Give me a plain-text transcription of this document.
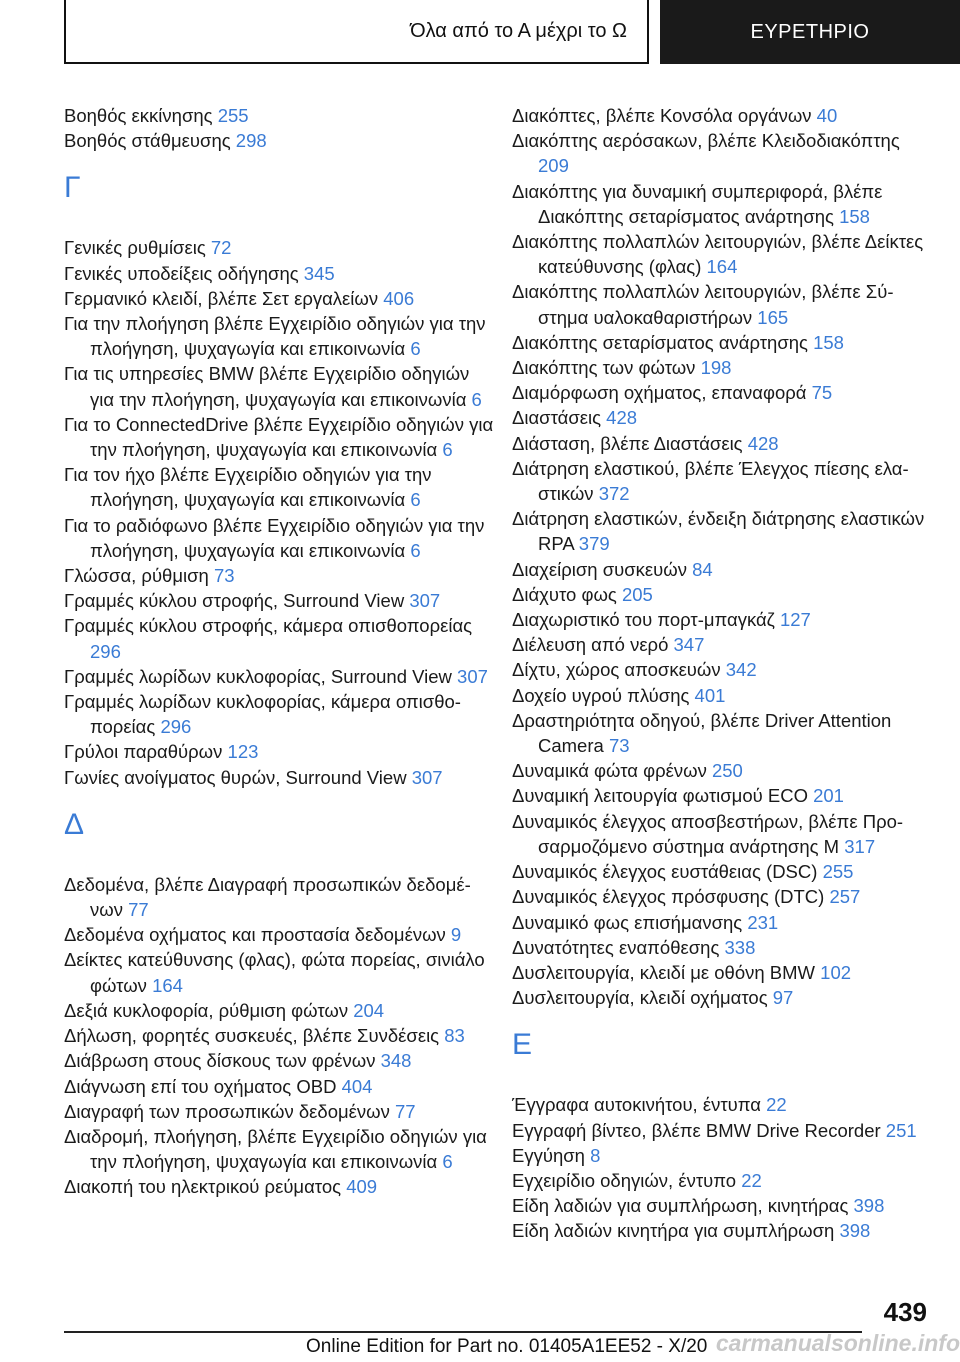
Όλα από το Α μέχρι το Ω	ΕΥΡΕΤΗΡΙΟ
Βοηθός εκκίνησης 255
Βοηθός στάθμευσης 298
Γ
Γενικές ρυθμίσεις 72
Γενικές υποδείξεις οδήγησης 345
Γερμανικό κλειδί, βλέπε Σετ εργαλείων 406
Για την πλοήγηση βλέπε Εγχειρίδιο οδηγιών για την πλοήγηση, ψυχαγωγία και επικοινωνία 6
Για τις υπηρεσίες BMW βλέπε Εγχειρίδιο οδηγιών για την πλοήγηση, ψυχαγωγία και επικοινωνία 6
Για το ConnectedDrive βλέπε Εγχειρίδιο οδηγιών για την πλοήγηση, ψυχαγωγία και επικοινωνία 6
Για τον ήχο βλέπε Εγχειρίδιο οδηγιών για την πλοήγηση, ψυχαγωγία και επικοινωνία 6
Για το ραδιόφωνο βλέπε Εγχειρίδιο οδηγιών για την πλοήγηση, ψυχαγωγία και επικοινωνία 6
Γλώσσα, ρύθμιση 73
Γραμμές κύκλου στροφής, Surround View 307
Γραμμές κύκλου στροφής, κάμερα οπισθοπορείας 296
Γραμμές λωρίδων κυκλοφορίας, Surround View 307
Γραμμές λωρίδων κυκλοφορίας, κάμερα οπισθοπορείας 296
Γρύλοι παραθύρων 123
Γωνίες ανοίγματος θυρών, Surround View 307
Δ
Δεδομένα, βλέπε Διαγραφή προσωπικών δεδομένων 77
Δεδομένα οχήματος και προστασία δεδομένων 9
Δείκτες κατεύθυνσης (φλας), φώτα πορείας, σινιάλο φώτων 164
Δεξιά κυκλοφορία, ρύθμιση φώτων 204
Δήλωση, φορητές συσκευές, βλέπε Συνδέσεις 83
Διάβρωση στους δίσκους των φρένων 348
Διάγνωση επί του οχήματος OBD 404
Διαγραφή των προσωπικών δεδομένων 77
Διαδρομή, πλοήγηση, βλέπε Εγχειρίδιο οδηγιών για την πλοήγηση, ψυχαγωγία και επικοινωνία 6
Διακοπή του ηλεκτρικού ρεύματος 409
Διακόπτες, βλέπε Κονσόλα οργάνων 40
Διακόπτης αερόσακων, βλέπε Κλειδοδιακόπτης 209
Διακόπτης για δυναμική συμπεριφορά, βλέπε Διακόπτης σεταρίσματος ανάρτησης 158
Διακόπτης πολλαπλών λειτουργιών, βλέπε Δείκτες κατεύθυνσης (φλας) 164
Διακόπτης πολλαπλών λειτουργιών, βλέπε Σύστημα υαλοκαθαριστήρων 165
Διακόπτης σεταρίσματος ανάρτησης 158
Διακόπτης των φώτων 198
Διαμόρφωση οχήματος, επαναφορά 75
Διαστάσεις 428
Διάσταση, βλέπε Διαστάσεις 428
Διάτρηση ελαστικού, βλέπε Έλεγχος πίεσης ελαστικών 372
Διάτρηση ελαστικών, ένδειξη διάτρησης ελαστικών RPA 379
Διαχείριση συσκευών 84
Διάχυτο φως 205
Διαχωριστικό του πορτ-μπαγκάζ 127
Διέλευση από νερό 347
Δίχτυ, χώρος αποσκευών 342
Δοχείο υγρού πλύσης 401
Δραστηριότητα οδηγού, βλέπε Driver Attention Camera 73
Δυναμικά φώτα φρένων 250
Δυναμική λειτουργία φωτισμού ECO 201
Δυναμικός έλεγχος αποσβεστήρων, βλέπε Προσαρμοζόμενο σύστημα ανάρτησης M 317
Δυναμικός έλεγχος ευστάθειας (DSC) 255
Δυναμικός έλεγχος πρόσφυσης (DTC) 257
Δυναμικό φως επισήμανσης 231
Δυνατότητες εναπόθεσης 338
Δυσλειτουργία, κλειδί με οθόνη BMW 102
Δυσλειτουργία, κλειδί οχήματος 97
Ε
Έγγραφα αυτοκινήτου, έντυπα 22
Εγγραφή βίντεο, βλέπε BMW Drive Recorder 251
Εγγύηση 8
Εγχειρίδιο οδηγιών, έντυπο 22
Είδη λαδιών για συμπλήρωση, κινητήρας 398
Είδη λαδιών κινητήρα για συμπλήρωση 398
439
Online Edition for Part no. 01405A1EE52 - X/20 carmanualsonline.info
